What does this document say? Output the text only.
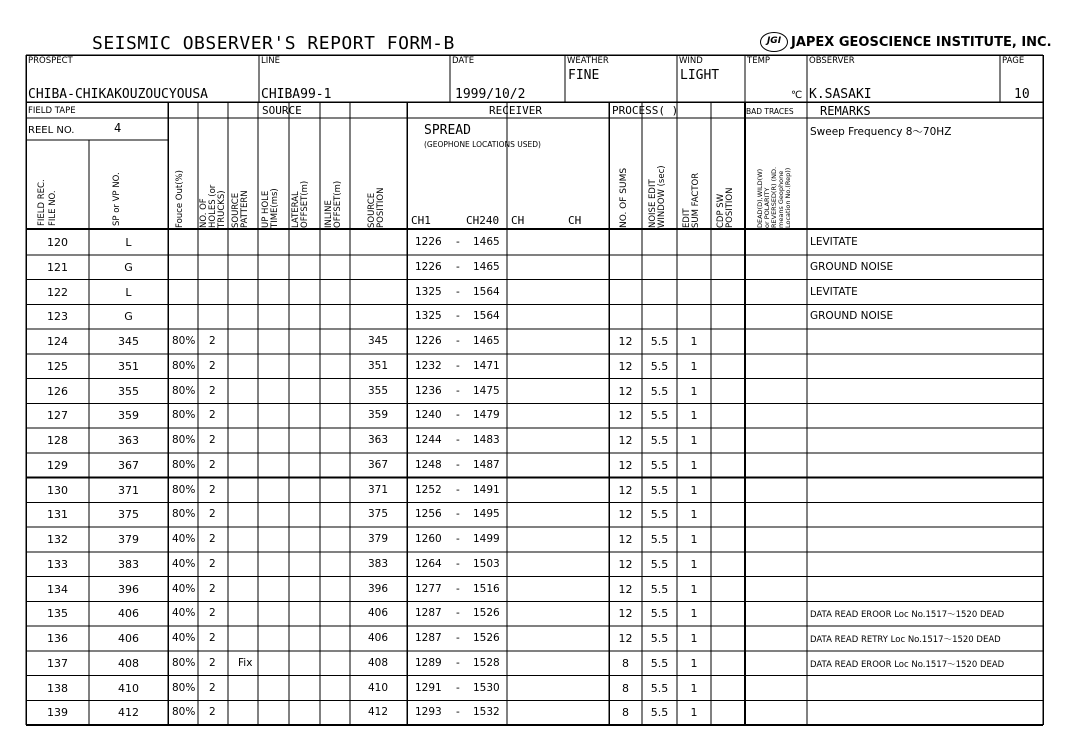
SEISMIC OBSERVER'S REPORT FORM-B	JGI JAPEX GEOSCIENCE INSTITUTE, INC.
PROSPECT
CHIBA-CHIKAKOUZOUCYOUSA
LINE
CHIBA99-1
DATE
1999/10/2
WEATHER
FINE
WIND
LIGHT
TEMP
℃
OBSERVER
K.SASAKI
PAGE
10
FIELD TAPE
REEL NO.	4
FIELD REC. FILE NO.	SP or VP NO.
SOURCE
Fouce Out(%) NO. OF
HOLES (or
TRUCKS) SOURCE
PATTERN UP HOLE
TIME(ms) LATERAL
OFFSET(m) INLINE
OFFSET(m)	SOURCE
POSITION
RECEIVER
SPREAD
(GEOPHONE LOCATIONS USED)
CH1	CH240 CH	CH
PROCESS( )
NO. OF SUMS NOISE EDIT
WINDOW (sec) EDIT
SUM FACTOR CDP SW
POSITION
BAD TRACES
DEAD(D),WILD(W)
or POLARITY
REVERSED(R) (ND.
means Geophone
Location No.(Rep))
REMARKS
Sweep Frequency 8～70HZ
120	L	1226 - 1465	LEVITATE
121	G	1226 - 1465	GROUND NOISE
122	L	1325 - 1564	LEVITATE
123	G	1325 - 1564	GROUND NOISE
124	345	80% 2	345	1226 - 1465	12	5.5	1
125	351	80% 2	351	1232 - 1471	12	5.5	1
126	355	80% 2	355	1236 - 1475	12	5.5	1
127	359	80% 2	359	1240 - 1479	12	5.5	1
128	363	80% 2	363	1244 - 1483	12	5.5	1
129	367	80% 2	367	1248 - 1487	12	5.5	1
130	371	80% 2	371	1252 - 1491	12	5.5	1
131	375	80% 2	375	1256 - 1495	12	5.5	1
132	379	40% 2	379	1260 - 1499	12	5.5	1
133	383	40% 2	383	1264 - 1503	12	5.5	1
134	396	40% 2	396	1277 - 1516	12	5.5	1
135	406	40% 2	406	1287 - 1526	12	5.5	1	DATA READ EROOR Loc No.1517～1520 DEAD
136	406	40% 2	406	1287 - 1526	12	5.5	1	DATA READ RETRY Loc No.1517～1520 DEAD
137	408	80% 2 Fix	408	1289 - 1528	8	5.5	1	DATA READ EROOR Loc No.1517～1520 DEAD
138	410	80% 2	410	1291 - 1530	8	5.5	1
139	412	80% 2	412	1293 - 1532	8	5.5	1
